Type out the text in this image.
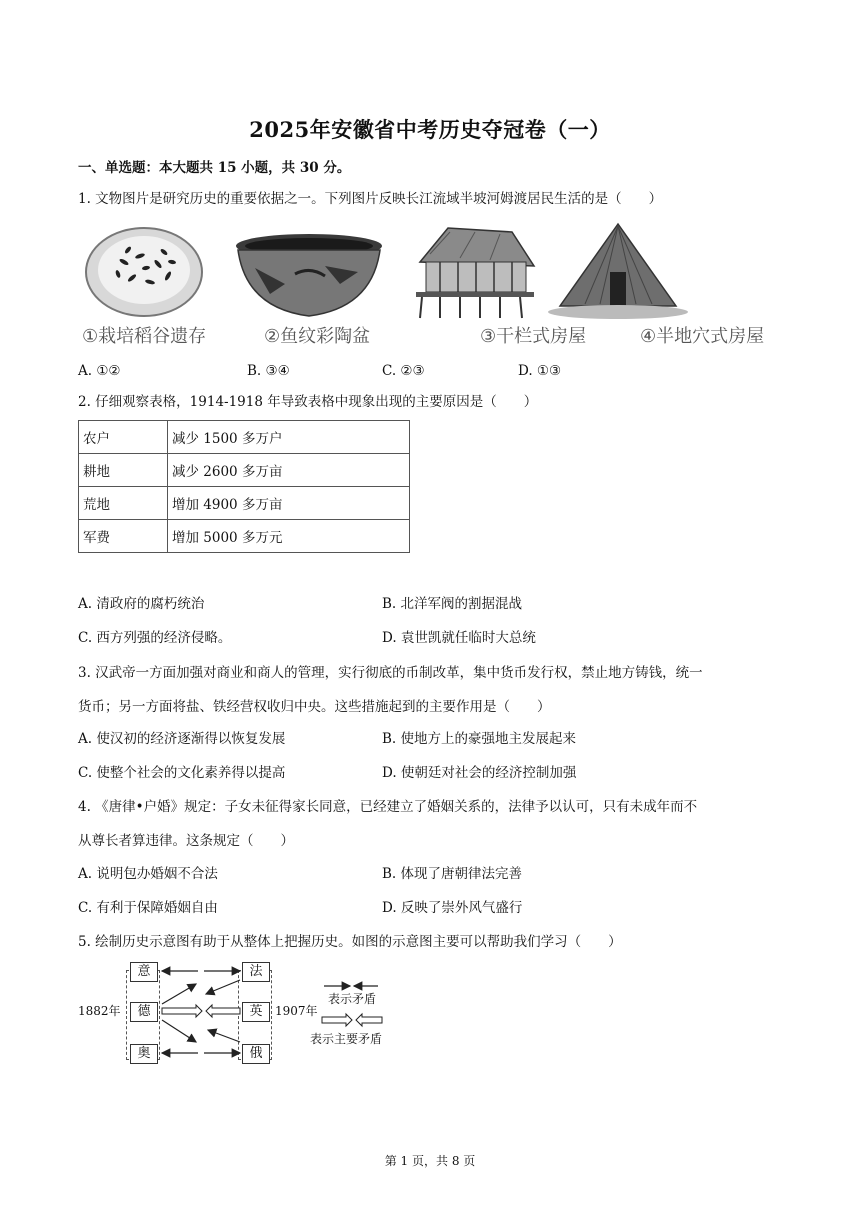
2025年安徽省中考历史夺冠卷（一）
一、单选题：本大题共 15 小题，共 30 分。
1. 文物图片是研究历史的重要依据之一。下列图片反映长江流域半坡河姆渡居民生活的是（　　）
①栽培稻谷遗存	②鱼纹彩陶盆	③干栏式房屋	④半地穴式房屋
A. ①②	B. ③④	C. ②③	D. ①③
2. 仔细观察表格，1914-1918 年导致表格中现象出现的主要原因是（　　）
农户	减少 1500 多万户
耕地	减少 2600 多万亩
荒地	增加 4900 多万亩
军费	增加 5000 多万元
A. 清政府的腐朽统治	B. 北洋军阀的割据混战
C. 西方列强的经济侵略。	D. 袁世凯就任临时大总统
3. 汉武帝一方面加强对商业和商人的管理，实行彻底的币制改革，集中货币发行权，禁止地方铸钱，统一
货币；另一方面将盐、铁经营权收归中央。这些措施起到的主要作用是（　　）
A. 使汉初的经济逐渐得以恢复发展	B. 使地方上的豪强地主发展起来
C. 使整个社会的文化素养得以提高	D. 使朝廷对社会的经济控制加强
4. 《唐律•户婚》规定：子女未征得家长同意，已经建立了婚姻关系的，法律予以认可，只有未成年而不
从尊长者算违律。这条规定（　　）
A. 说明包办婚姻不合法	B. 体现了唐朝律法完善
C. 有利于保障婚姻自由	D. 反映了崇外风气盛行
5. 绘制历史示意图有助于从整体上把握历史。如图的示意图主要可以帮助我们学习（　　）
意
德
奥
法
英
俄
1882年	1907年
表示矛盾
表示主要矛盾
第 1 页，共 8 页
